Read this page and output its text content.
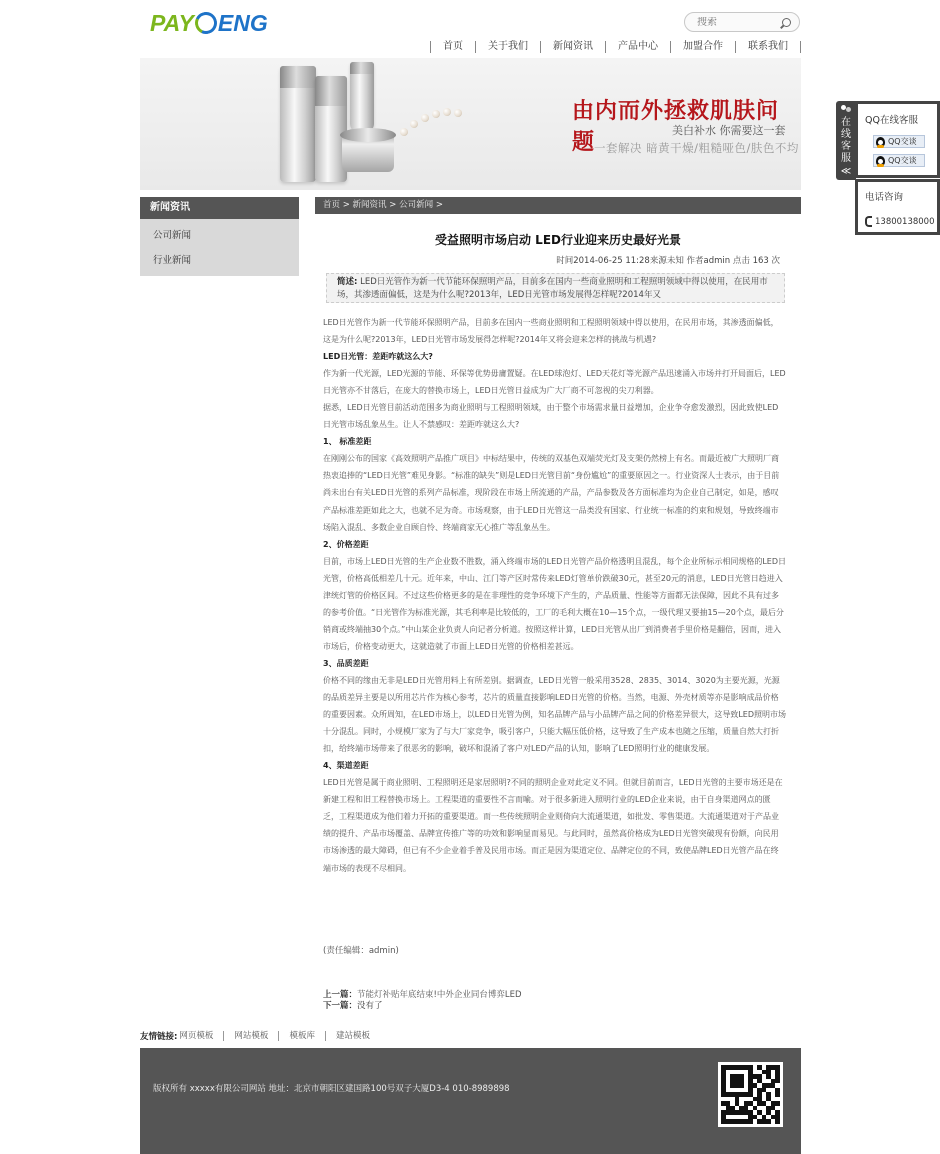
PAY ENG
搜索
首页	关于我们	新闻资讯	产品中心	加盟合作	联系我们
由内而外拯救肌肤问题	美白补水 你需要这一套
一套解决 暗黄干燥/粗糙哑色/肤色不均
新闻资讯
公司新闻
行业新闻
首页 > 新闻资讯 > 公司新闻 >
受益照明市场启动 LED行业迎来历史最好光景
时间2014-06-25 11:28来源未知 作者admin 点击 163 次
简述: LED日光管作为新一代节能环保照明产品，目前多在国内一些商业照明和工程照明领域中得以使用，在民用市场，其渗透面偏低，这是为什么呢?2013年，LED日光管市场发展得怎样呢?2014年又

LED日光管作为新一代节能环保照明产品，目前多在国内一些商业照明和工程照明领域中得以使用，在民用市场，其渗透面偏低，这是为什么呢?2013年，LED日光管市场发展得怎样呢?2014年又将会迎来怎样的挑战与机遇?

LED日光管：差距咋就这么大?

作为新一代光源，LED光源的节能、环保等优势毋庸置疑。在LED球泡灯、LED天花灯等光源产品迅速涌入市场并打开局面后，LED日光管亦不甘落后，在庞大的替换市场上，LED日光管日益成为广大厂商不可忽视的尖刀利器。

据悉，LED日光管目前活动范围多为商业照明与工程照明领域，由于整个市场需求量日益增加，企业争夺愈发激烈，因此致使LED日光管市场乱象丛生。让人不禁感叹：差距咋就这么大?

1、 标准差距

在刚刚公布的国家《高效照明产品推广项目》中标结果中，传统的双基色双端荧光灯及支架仍然榜上有名。而最近被广大照明厂商热衷追捧的“LED日光管”难见身影。“标准的缺失”则是LED日光管目前“身份尴尬”的重要原因之一。行业资深人士表示，由于目前尚未出台有关LED日光管的系列产品标准，现阶段在市场上所流通的产品，产品参数及各方面标准均为企业自己制定，如是，感叹产品标准差距如此之大，也就不足为奇。市场观察，由于LED日光管这一品类没有国家、行业统一标准的约束和规划，导致终端市场陷入混乱、多数企业自顾自怜、终端商家无心推广等乱象丛生。

2、价格差距

目前，市场上LED日光管的生产企业数不胜数，涌入终端市场的LED日光管产品价格透明且混乱，每个企业所标示相同规格的LED日光管，价格高低相差几十元。近年来，中山、江门等产区时常传来LED灯管单价跌破30元，甚至20元的消息，LED日光管日趋进入津统灯管的价格区间。不过这些价格更多的是在非理性的竞争环境下产生的，产品质量、性能等方面都无法保障，因此不具有过多的参考价值。“日光管作为标准光源，其毛利率是比较低的，工厂的毛利大概在10—15个点，一级代理又要抽15—20个点，最后分销商或终端抽30个点。”中山某企业负责人向记者分析道。按照这样计算，LED日光管从出厂到消费者手里价格是翻倍，因而，进入市场后，价格变动更大，这就造就了市面上LED日光管的价格相差甚远。

3、品质差距

价格不同的缘由无非是LED日光管用料上有所差别。据调查，LED日光管一般采用3528、2835、3014、3020为主要光源，光源的品质差异主要是以所用芯片作为核心参考，芯片的质量直接影响LED日光管的价格。当然，电源、外壳材质等亦是影响成品价格的重要因素。众所周知，在LED市场上，以LED日光管为例，知名品牌产品与小品牌产品之间的价格差异很大，这导致LED照明市场十分混乱。同时，小规模厂家为了与大厂家竞争，吸引客户，只能大幅压低价格，这导致了生产成本也随之压缩，质量自然大打折扣，给终端市场带来了很恶劣的影响，破坏和混淆了客户对LED产品的认知，影响了LED照明行业的健康发展。

4、渠道差距

LED日光管是属于商业照明、工程照明还是家居照明?不同的照明企业对此定义不同。但就目前而言，LED日光管的主要市场还是在新建工程和旧工程替换市场上。工程渠道的重要性不言而喻。对于很多新进入照明行业的LED企业来说，由于自身渠道网点的匮乏，工程渠道成为他们着力开拓的重要渠道。而一些传统照明企业则倚向大流通渠道，如批发、零售渠道。大流通渠道对于产品业绩的提升、产品市场覆盖、品牌宣传推广等的功效和影响显而易见。与此同时，虽然高价格成为LED日光管突破现有份额，向民用市场渗透的最大障碍，但已有不少企业着手普及民用市场。而正是因为渠道定位、品牌定位的不同，致使品牌LED日光管产品在终端市场的表现不尽相同。

(责任编辑：admin)
上一篇：节能灯补贴年底结束!中外企业同台博弈LED
下一篇：没有了
友情链接: 网页模板	网站模板	模板库	建站模板
版权所有 xxxxx有限公司网站 地址：北京市朝阳区建国路100号双子大厦D3-4 010-8989898
在
线
客
服
≪
QQ在线客服
QQ交谈
QQ交谈
电话咨询
13800138000
